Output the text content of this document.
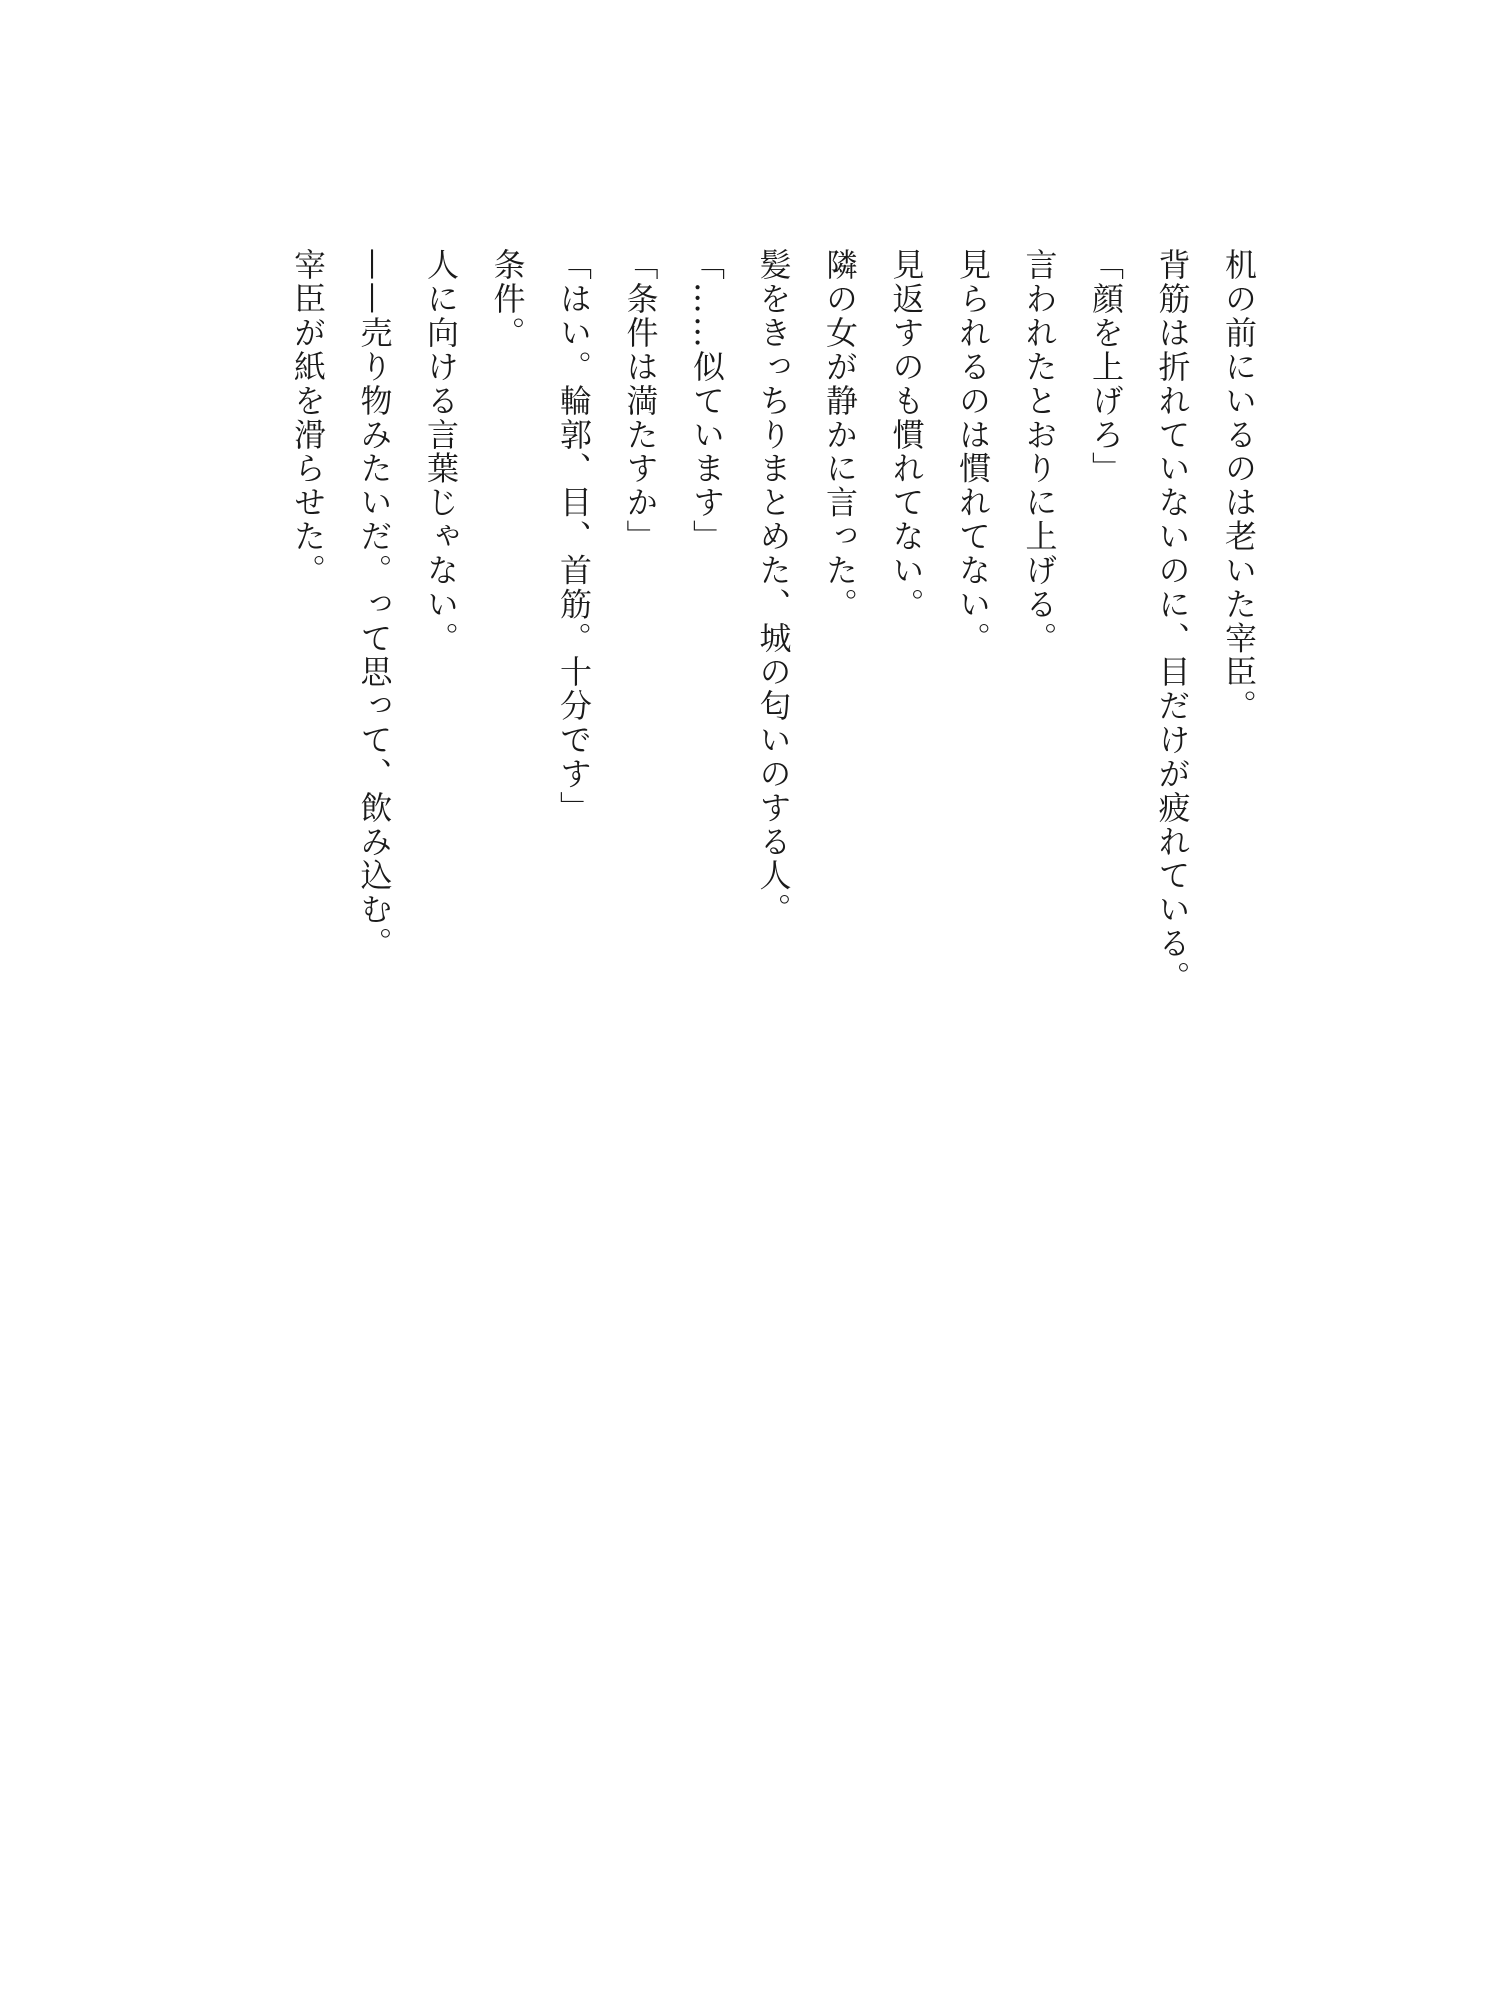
机の前にいるのは老いた宰臣。

背筋は折れていないのに、目だけが疲れている。

「顔を上げろ」

言われたとおりに上げる。

見られるのは慣れてない。

見返すのも慣れてない。

隣の女が静かに言った。

髪をきっちりまとめた、城の匂いのする人。

「……似ています」

「条件は満たすか」

「はい。輪郭、目、首筋。十分です」

条件。

人に向ける言葉じゃない。

——売り物みたいだ。って思って、飲み込む。

宰臣が紙を滑らせた。
